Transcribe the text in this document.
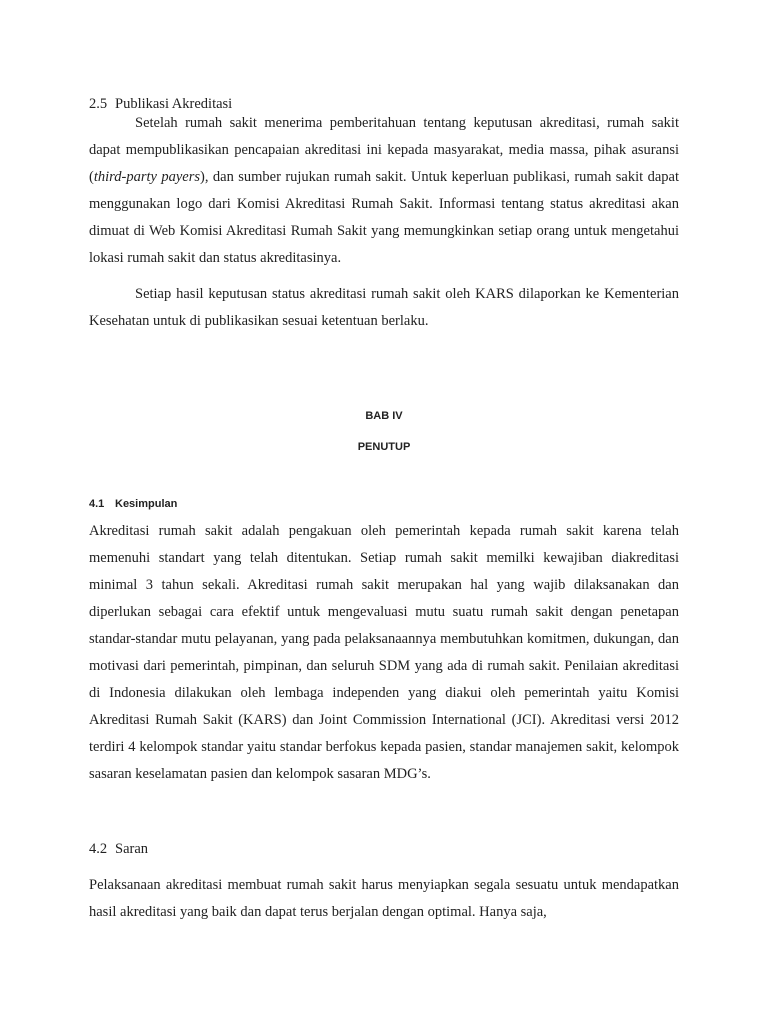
2.5 Publikasi Akreditasi

Setelah rumah sakit menerima pemberitahuan tentang keputusan akreditasi, rumah sakit dapat mempublikasikan pencapaian akreditasi ini kepada masyarakat, media massa, pihak asuransi (third-party payers), dan sumber rujukan rumah sakit. Untuk keperluan publikasi, rumah sakit dapat menggunakan logo dari Komisi Akreditasi Rumah Sakit. Informasi tentang status akreditasi akan dimuat di Web Komisi Akreditasi Rumah Sakit yang memungkinkan setiap orang untuk mengetahui lokasi rumah sakit dan status akreditasinya.

Setiap hasil keputusan status akreditasi rumah sakit oleh KARS dilaporkan ke Kementerian Kesehatan untuk di publikasikan sesuai ketentuan berlaku.

BAB IV
PENUTUP
4.1 Kesimpulan

Akreditasi rumah sakit adalah pengakuan oleh pemerintah kepada rumah sakit karena telah memenuhi standart yang telah ditentukan. Setiap rumah sakit memilki kewajiban diakreditasi minimal 3 tahun sekali. Akreditasi rumah sakit merupakan hal yang wajib dilaksanakan dan diperlukan sebagai cara efektif untuk mengevaluasi mutu suatu rumah sakit dengan penetapan standar-standar mutu pelayanan, yang pada pelaksanaannya membutuhkan komitmen, dukungan, dan motivasi dari pemerintah, pimpinan, dan seluruh SDM yang ada di rumah sakit. Penilaian akreditasi di Indonesia dilakukan oleh lembaga independen yang diakui oleh pemerintah yaitu Komisi Akreditasi Rumah Sakit (KARS) dan Joint Commission International (JCI). Akreditasi versi 2012 terdiri 4 kelompok standar yaitu standar berfokus kepada pasien, standar manajemen sakit, kelompok sasaran keselamatan pasien dan kelompok sasaran MDG’s.

4.2 Saran

Pelaksanaan akreditasi membuat rumah sakit harus menyiapkan segala sesuatu untuk mendapatkan hasil akreditasi yang baik dan dapat terus berjalan dengan optimal. Hanya saja,
